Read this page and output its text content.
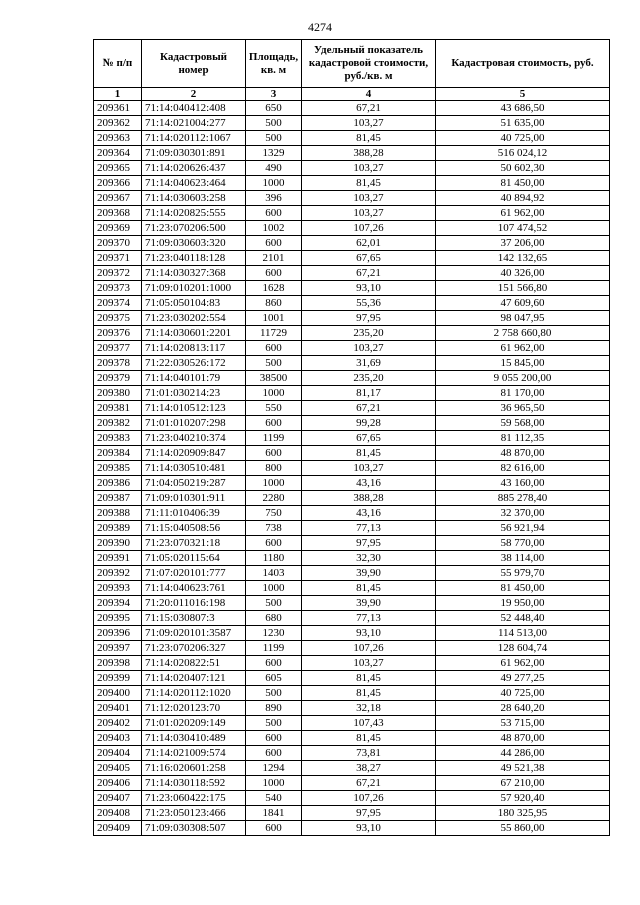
4274
№ п/п	Кадастровый номер	Площадь, кв. м	Удельный показатель кадастровой стоимости, руб./кв. м	Кадастровая стоимость, руб.
1	2	3	4	5
209361	71:14:040412:408	650	67,21	43 686,50
209362	71:14:021004:277	500	103,27	51 635,00
209363	71:14:020112:1067	500	81,45	40 725,00
209364	71:09:030301:891	1329	388,28	516 024,12
209365	71:14:020626:437	490	103,27	50 602,30
209366	71:14:040623:464	1000	81,45	81 450,00
209367	71:14:030603:258	396	103,27	40 894,92
209368	71:14:020825:555	600	103,27	61 962,00
209369	71:23:070206:500	1002	107,26	107 474,52
209370	71:09:030603:320	600	62,01	37 206,00
209371	71:23:040118:128	2101	67,65	142 132,65
209372	71:14:030327:368	600	67,21	40 326,00
209373	71:09:010201:1000	1628	93,10	151 566,80
209374	71:05:050104:83	860	55,36	47 609,60
209375	71:23:030202:554	1001	97,95	98 047,95
209376	71:14:030601:2201	11729	235,20	2 758 660,80
209377	71:14:020813:117	600	103,27	61 962,00
209378	71:22:030526:172	500	31,69	15 845,00
209379	71:14:040101:79	38500	235,20	9 055 200,00
209380	71:01:030214:23	1000	81,17	81 170,00
209381	71:14:010512:123	550	67,21	36 965,50
209382	71:01:010207:298	600	99,28	59 568,00
209383	71:23:040210:374	1199	67,65	81 112,35
209384	71:14:020909:847	600	81,45	48 870,00
209385	71:14:030510:481	800	103,27	82 616,00
209386	71:04:050219:287	1000	43,16	43 160,00
209387	71:09:010301:911	2280	388,28	885 278,40
209388	71:11:010406:39	750	43,16	32 370,00
209389	71:15:040508:56	738	77,13	56 921,94
209390	71:23:070321:18	600	97,95	58 770,00
209391	71:05:020115:64	1180	32,30	38 114,00
209392	71:07:020101:777	1403	39,90	55 979,70
209393	71:14:040623:761	1000	81,45	81 450,00
209394	71:20:011016:198	500	39,90	19 950,00
209395	71:15:030807:3	680	77,13	52 448,40
209396	71:09:020101:3587	1230	93,10	114 513,00
209397	71:23:070206:327	1199	107,26	128 604,74
209398	71:14:020822:51	600	103,27	61 962,00
209399	71:14:020407:121	605	81,45	49 277,25
209400	71:14:020112:1020	500	81,45	40 725,00
209401	71:12:020123:70	890	32,18	28 640,20
209402	71:01:020209:149	500	107,43	53 715,00
209403	71:14:030410:489	600	81,45	48 870,00
209404	71:14:021009:574	600	73,81	44 286,00
209405	71:16:020601:258	1294	38,27	49 521,38
209406	71:14:030118:592	1000	67,21	67 210,00
209407	71:23:060422:175	540	107,26	57 920,40
209408	71:23:050123:466	1841	97,95	180 325,95
209409	71:09:030308:507	600	93,10	55 860,00
